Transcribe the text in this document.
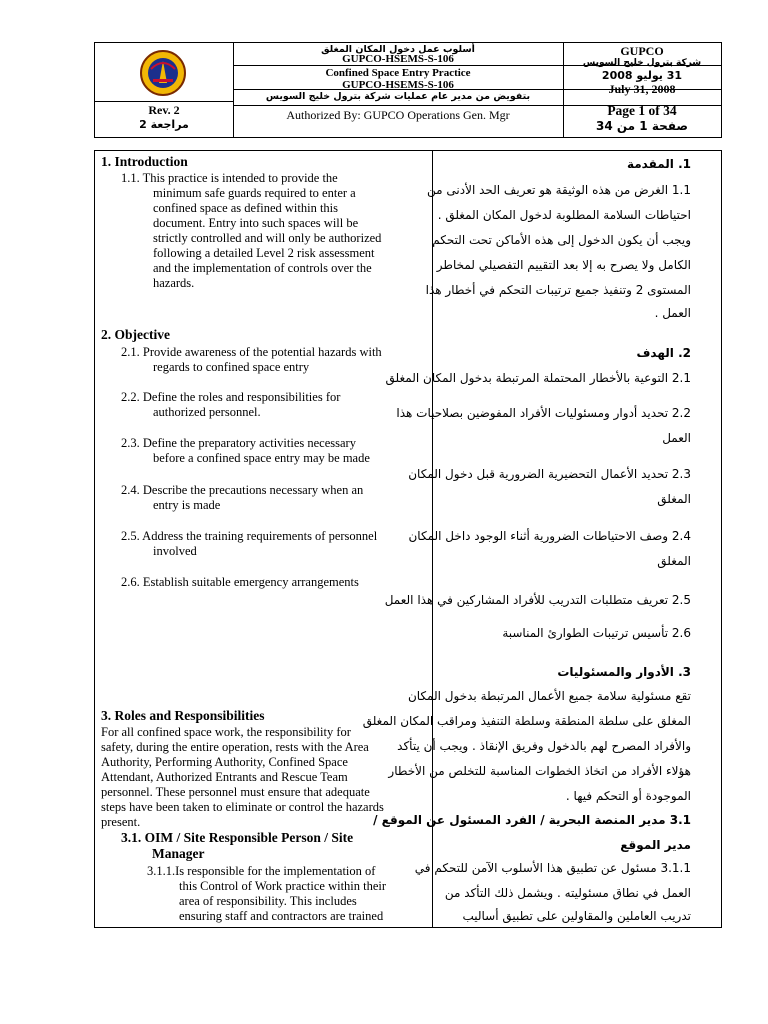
Rev. 2
مراجعة 2
أسلوب عمل دخول المكان المغلق
GUPCO-HSEMS-S-106
Confined Space Entry Practice
GUPCO-HSEMS-S-106
بتفويض من مدير عام عمليات شركة بترول خليج السويس
Authorized By: GUPCO Operations Gen. Mgr
GUPCO
شركة بترول خليج السويس
31 يوليو 2008
July 31, 2008
Page 1 of 34
صفحة 1 من 34
1. Introduction
1.1. This practice is intended to provide the
minimum safe guards required to enter a
confined space as defined within this
document. Entry into such spaces will be
strictly controlled and will only be authorized
following a detailed Level 2 risk assessment
and the implementation of controls over the
hazards.
2. Objective
2.1. Provide awareness of the potential hazards with
regards to confined space entry
2.2. Define the roles and responsibilities for
authorized personnel.
2.3. Define the preparatory activities necessary
before a confined space entry may be made
2.4. Describe the precautions necessary when an
entry is made
2.5. Address the training requirements of personnel
involved
2.6. Establish suitable emergency arrangements
3. Roles and Responsibilities
For all confined space work, the responsibility for
safety, during the entire operation, rests with the Area
Authority, Performing Authority, Confined Space
Attendant, Authorized Entrants and Rescue Team
personnel. These personnel must ensure that adequate
steps have been taken to eliminate or control the hazards
present.
3.1. OIM / Site Responsible Person / Site
Manager
3.1.1.Is responsible for the implementation of
this Control of Work practice within their
area of responsibility. This includes
ensuring staff and contractors are trained
1. المقدمة
1.1 الغرض من هذه الوثيقة هو تعريف الحد الأدنى من
احتياطات السلامة المطلوبة لدخول المكان المغلق .
ويجب أن يكون الدخول إلى هذه الأماكن تحت التحكم
الكامل ولا يصرح به إلا بعد التقييم التفصيلي لمخاطر
المستوى 2 وتنفيذ جميع ترتيبات التحكم في أخطار هذا
العمل .
2. الهدف
2.1 التوعية بالأخطار المحتملة المرتبطة بدخول المكان المغلق
2.2 تحديد أدوار ومسئوليات الأفراد المفوضين بصلاحيات هذا
العمل
2.3 تحديد الأعمال التحضيرية الضرورية قبل دخول المكان
المغلق
2.4 وصف الاحتياطات الضرورية أثناء الوجود داخل المكان
المغلق
2.5 تعريف متطلبات التدريب للأفراد المشاركين في هذا العمل
2.6 تأسيس ترتيبات الطوارئ المناسبة
3. الأدوار والمسئوليات
تقع مسئولية سلامة جميع الأعمال المرتبطة بدخول المكان
المغلق على سلطة المنطقة وسلطة التنفيذ ومراقب المكان المغلق
والأفراد المصرح لهم بالدخول وفريق الإنقاذ . ويجب أن يتأكد
هؤلاء الأفراد من اتخاذ الخطوات المناسبة للتخلص من الأخطار
الموجودة أو التحكم فيها .
3.1 مدير المنصة البحرية / الفرد المسئول عن الموقع /
مدير الموقع
3.1.1 مسئول عن تطبيق هذا الأسلوب الآمن للتحكم في
العمل في نطاق مسئوليته . ويشمل ذلك التأكد من
تدريب العاملين والمقاولين على تطبيق أساليب
